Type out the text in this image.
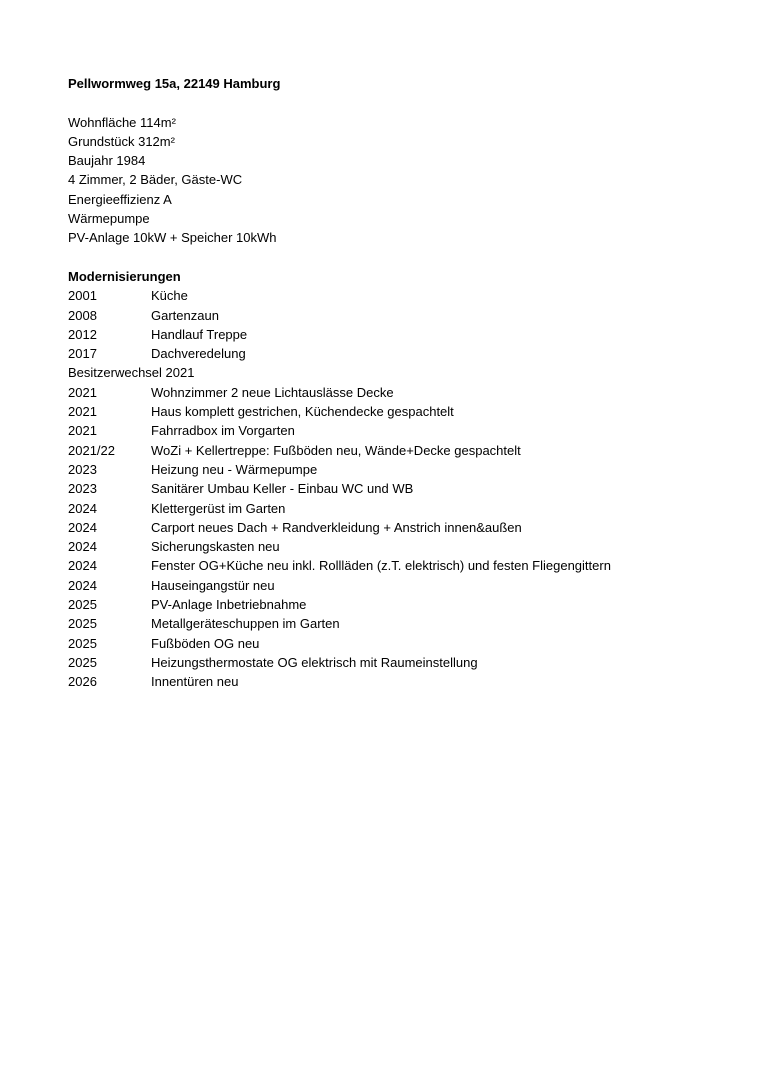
Pellwormweg 15a, 22149 Hamburg
Wohnfläche 114m²
Grundstück 312m²
Baujahr 1984
4 Zimmer, 2 Bäder, Gäste-WC
Energieeffizienz A
Wärmepumpe
PV-Anlage 10kW + Speicher 10kWh
Modernisierungen
2001	Küche
2008	Gartenzaun
2012	Handlauf Treppe
2017	Dachveredelung
Besitzerwechsel 2021
2021	Wohnzimmer 2 neue Lichtauslässe Decke
2021	Haus komplett gestrichen, Küchendecke gespachtelt
2021	Fahrradbox im Vorgarten
2021/22	WoZi + Kellertreppe: Fußböden neu, Wände+Decke gespachtelt
2023	Heizung neu - Wärmepumpe
2023	Sanitärer Umbau Keller - Einbau WC und WB
2024	Klettergerüst im Garten
2024	Carport neues Dach + Randverkleidung + Anstrich innen&außen
2024	Sicherungskasten neu
2024	Fenster OG+Küche neu inkl. Rollläden (z.T. elektrisch) und festen Fliegengittern
2024	Hauseingangstür neu
2025	PV-Anlage Inbetriebnahme
2025	Metallgeräteschuppen im Garten
2025	Fußböden OG neu
2025	Heizungsthermostate OG elektrisch mit Raumeinstellung
2026	Innentüren neu
